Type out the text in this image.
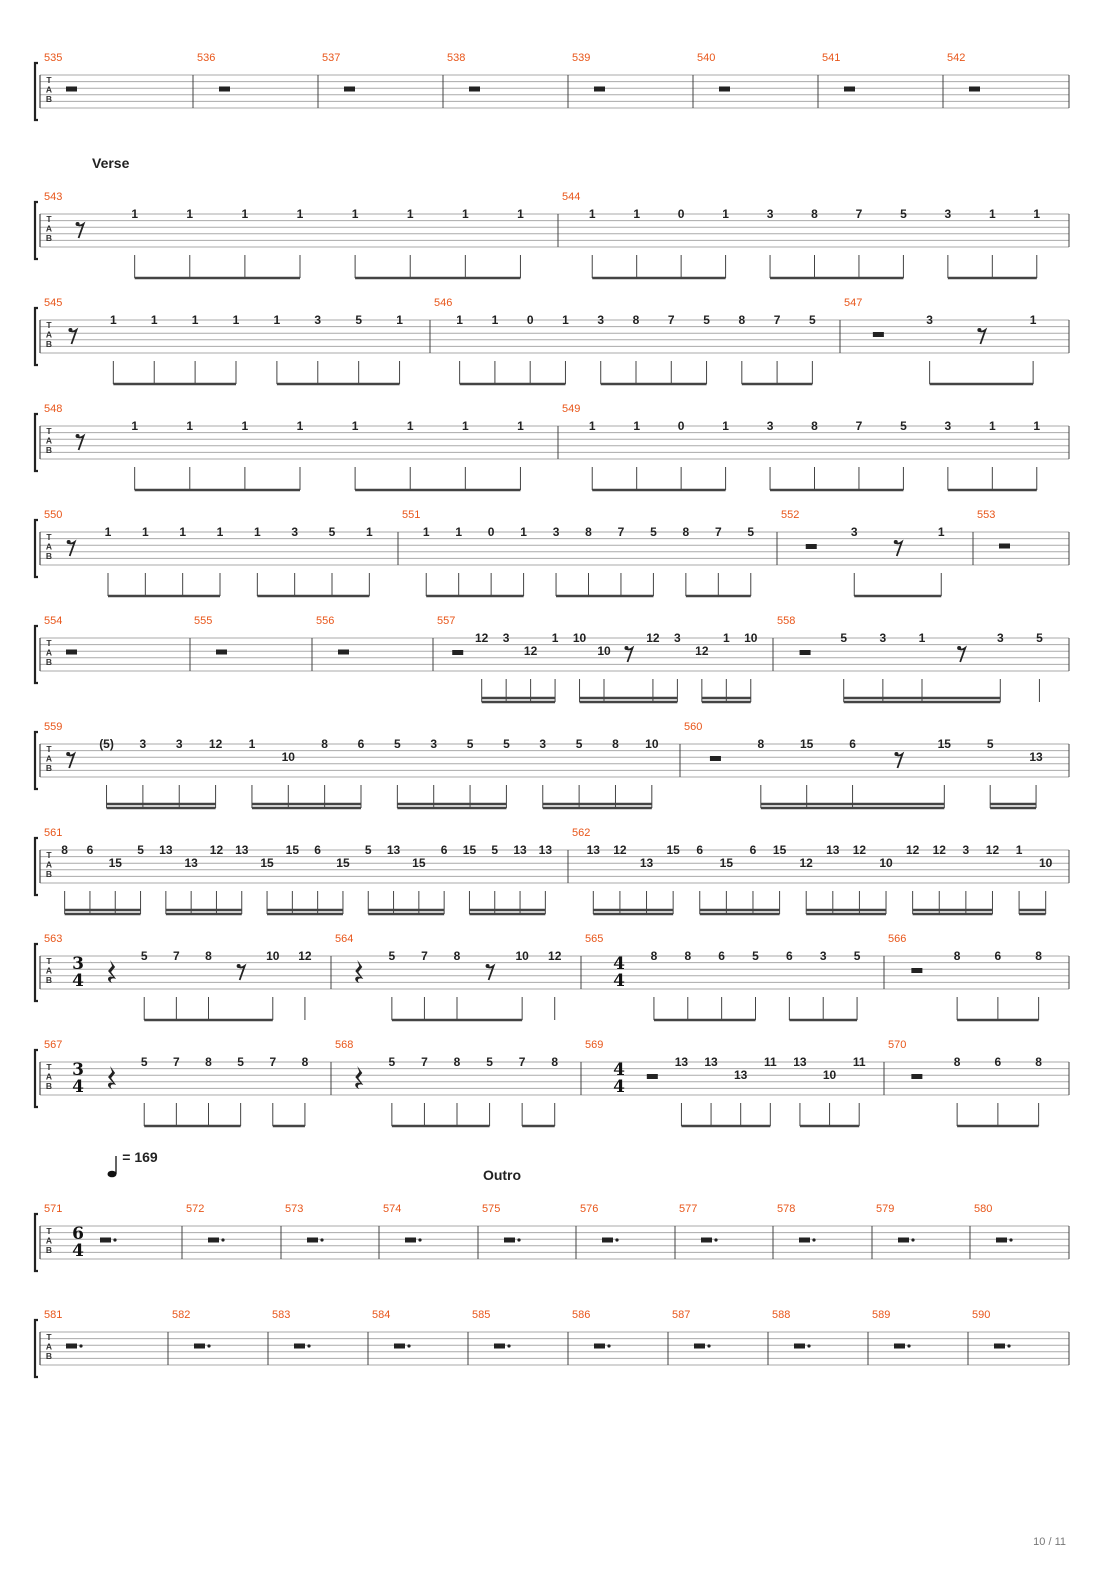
T
A
B
535	536	537	538	539	540	541	542
T
A
B
Verse
543
1	1	1	1	1	1	1	1
544
1	1	0	1	3	8	7	5	3	1	1
T
A
B
545
1	1	1	1	1	3	5	1
546
1 1 0 1 3 8 7 5 8 7 5
547
3	1
T
A
B
548
1	1	1	1	1	1	1	1
549
1	1	0	1	3	8	7	5	3	1	1
T
A
B
550
1	1	1	1	1	3	5	1
551
1 1 0 1 3 8 7 5 8 7 5
552
3	1
553
T
A
B
554	555	556	557
12 3
12
1 10
10
12 3
12
1 10
558
5	3	1	3	5
T
A
B
559
(5) 3 3 12 1
10
8 6 5 3 5 5 3 5 8 10
560
8	15	6	15	5
13
T
A
B
561
8 6
15
5 13
13
12 13
15
15 6
15
5 13
15
6 15 5 13 13
562
13 12
13
15 6
15
6 15
12
13 12
10
12 12 3 12 1
10
T
A
B
563
3
4
5 7 8	10 12
564
5 7 8	10 12
565
4
4
8 8 6 5 6 3 5
566
8	6	8
T
A
B
567
3
4
5 7 8 5 7 8
568
5 7 8 5 7 8
569
4
4
13 13
13
11 13
10
11
570
8	6	8
T
A
B
= 169
Outro
571
6
4
572	573	574	575	576	577	578	579	580
T
A
B
581	582	583	584	585	586	587	588	589	590
10 / 11
